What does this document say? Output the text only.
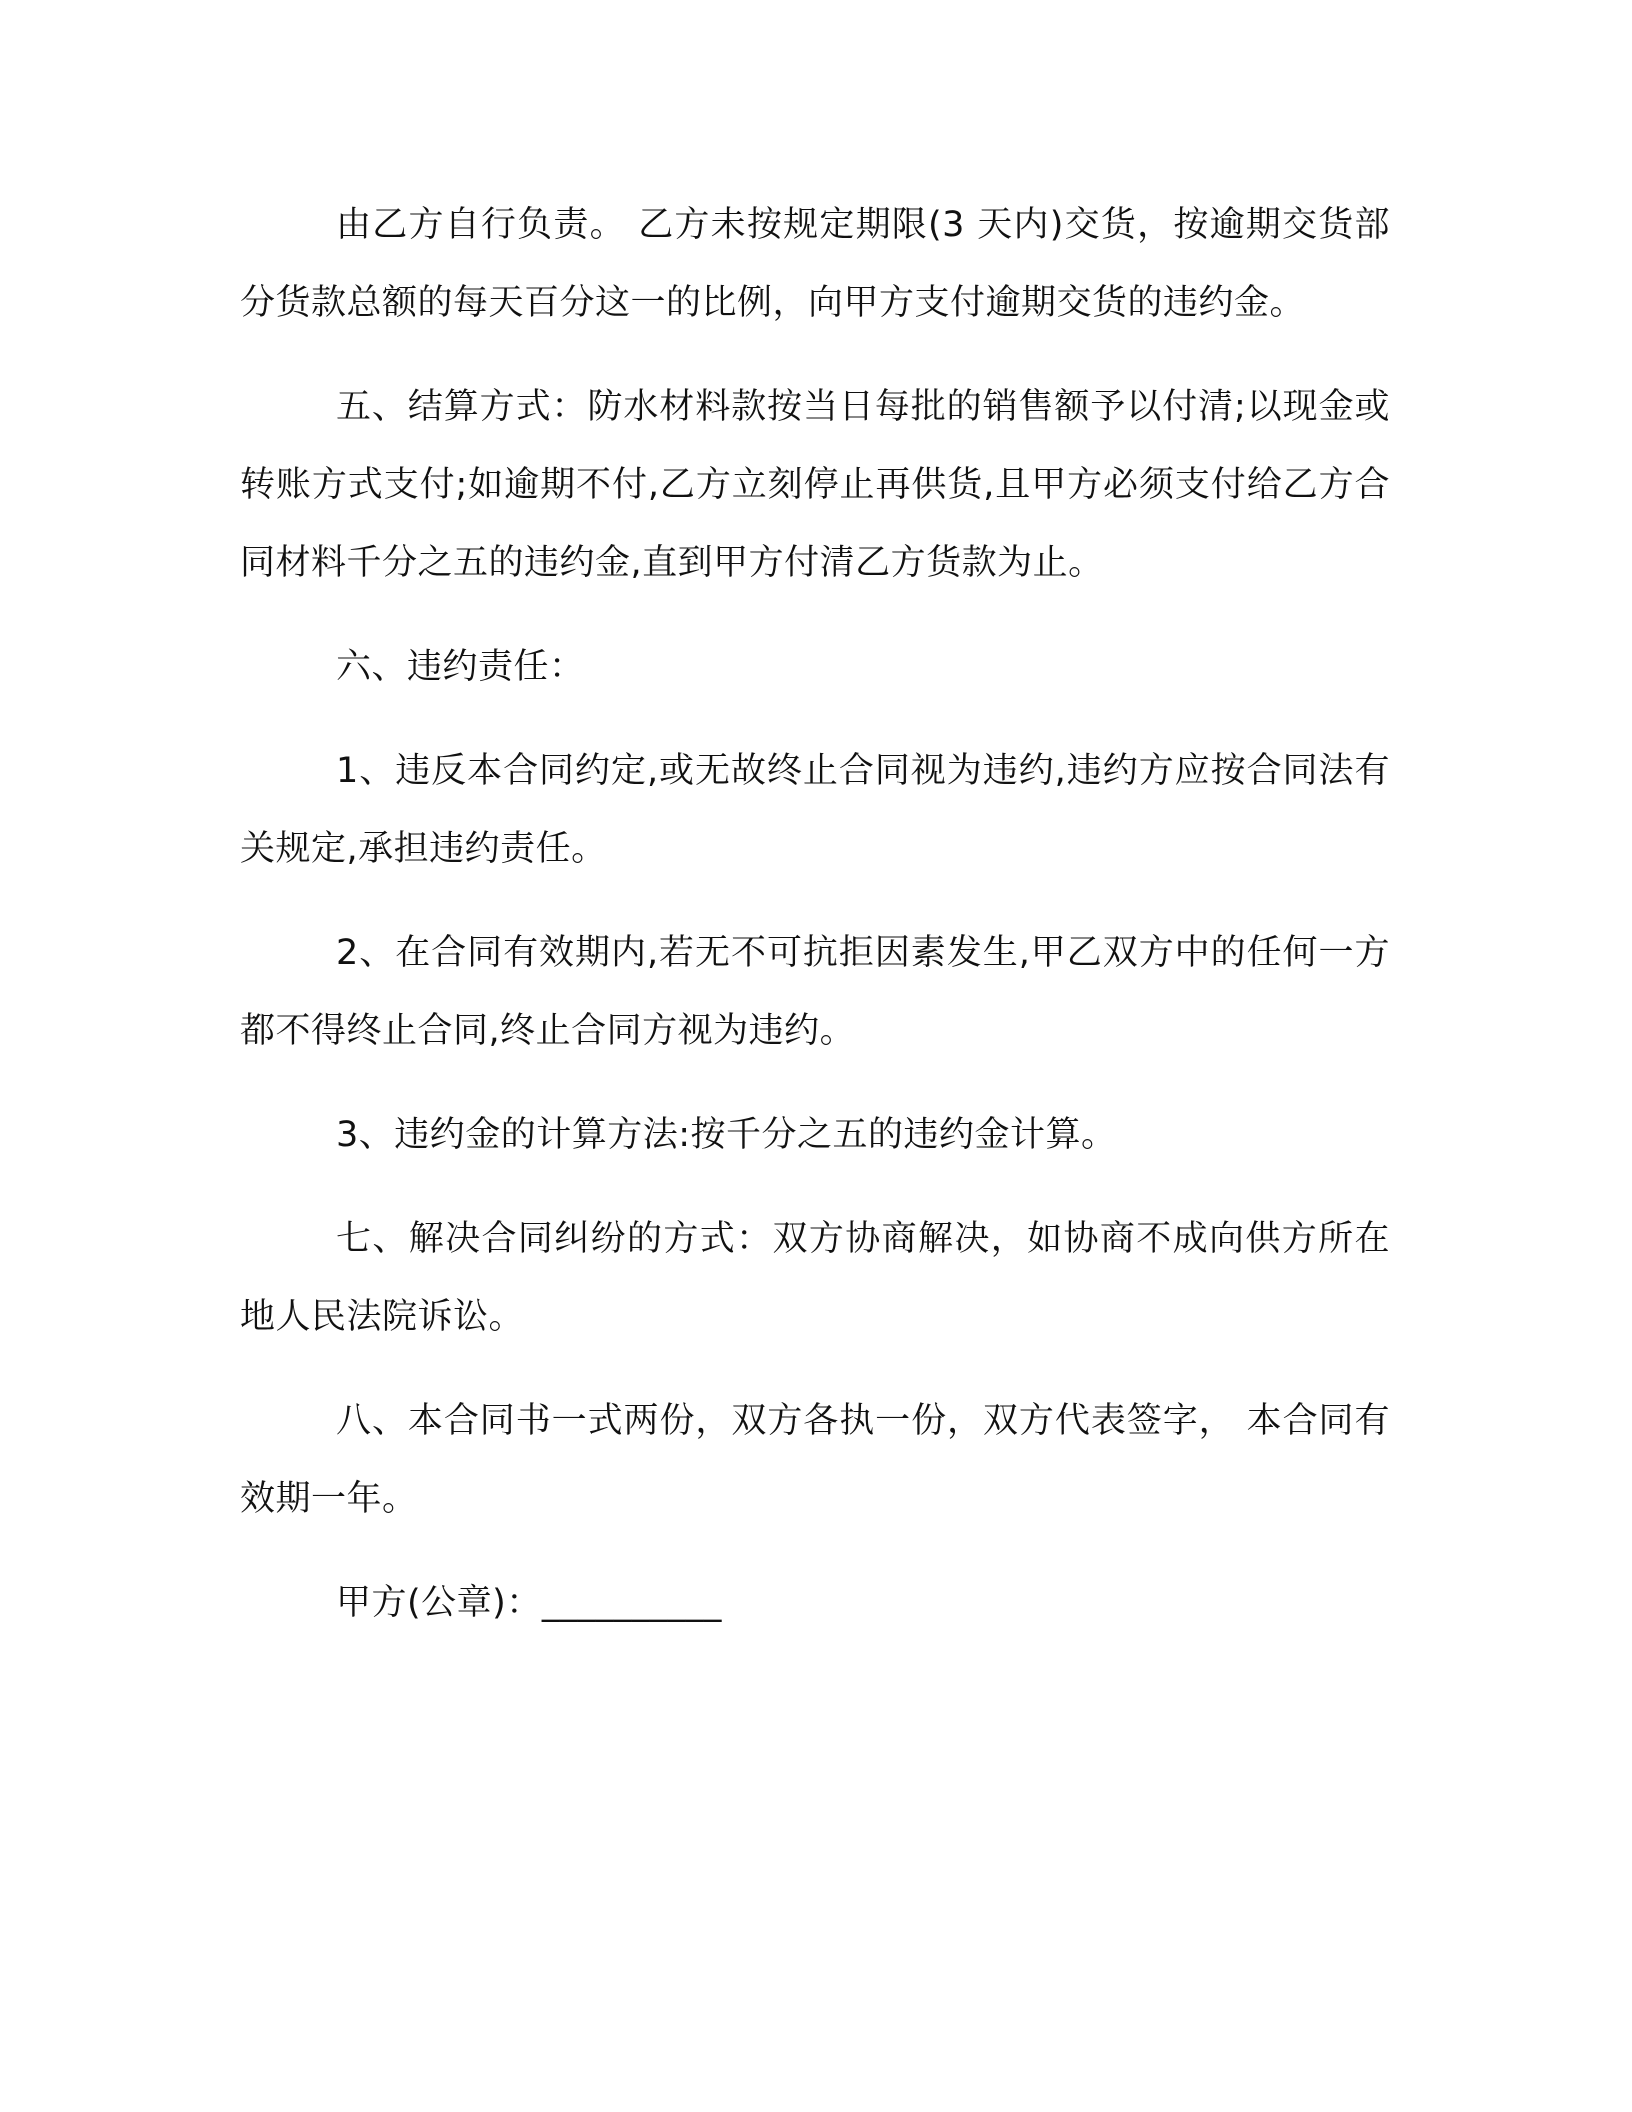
由乙方自行负责。 乙方未按规定期限(3 天内)交货，按逾期交货部分货款总额的每天百分这一的比例，向甲方支付逾期交货的违约金。

五、结算方式：防水材料款按当日每批的销售额予以付清;以现金或转账方式支付;如逾期不付,乙方立刻停止再供货,且甲方必须支付给乙方合同材料千分之五的违约金,直到甲方付清乙方货款为止。

六、违约责任：

1、违反本合同约定,或无故终止合同视为违约,违约方应按合同法有关规定,承担违约责任。

2、在合同有效期内,若无不可抗拒因素发生,甲乙双方中的任何一方都不得终止合同,终止合同方视为违约。

3、违约金的计算方法:按千分之五的违约金计算。

七、解决合同纠纷的方式：双方协商解决，如协商不成向供方所在地人民法院诉讼。

八、本合同书一式两份，双方各执一份，双方代表签字， 本合同有效期一年。

甲方(公章)：__________
